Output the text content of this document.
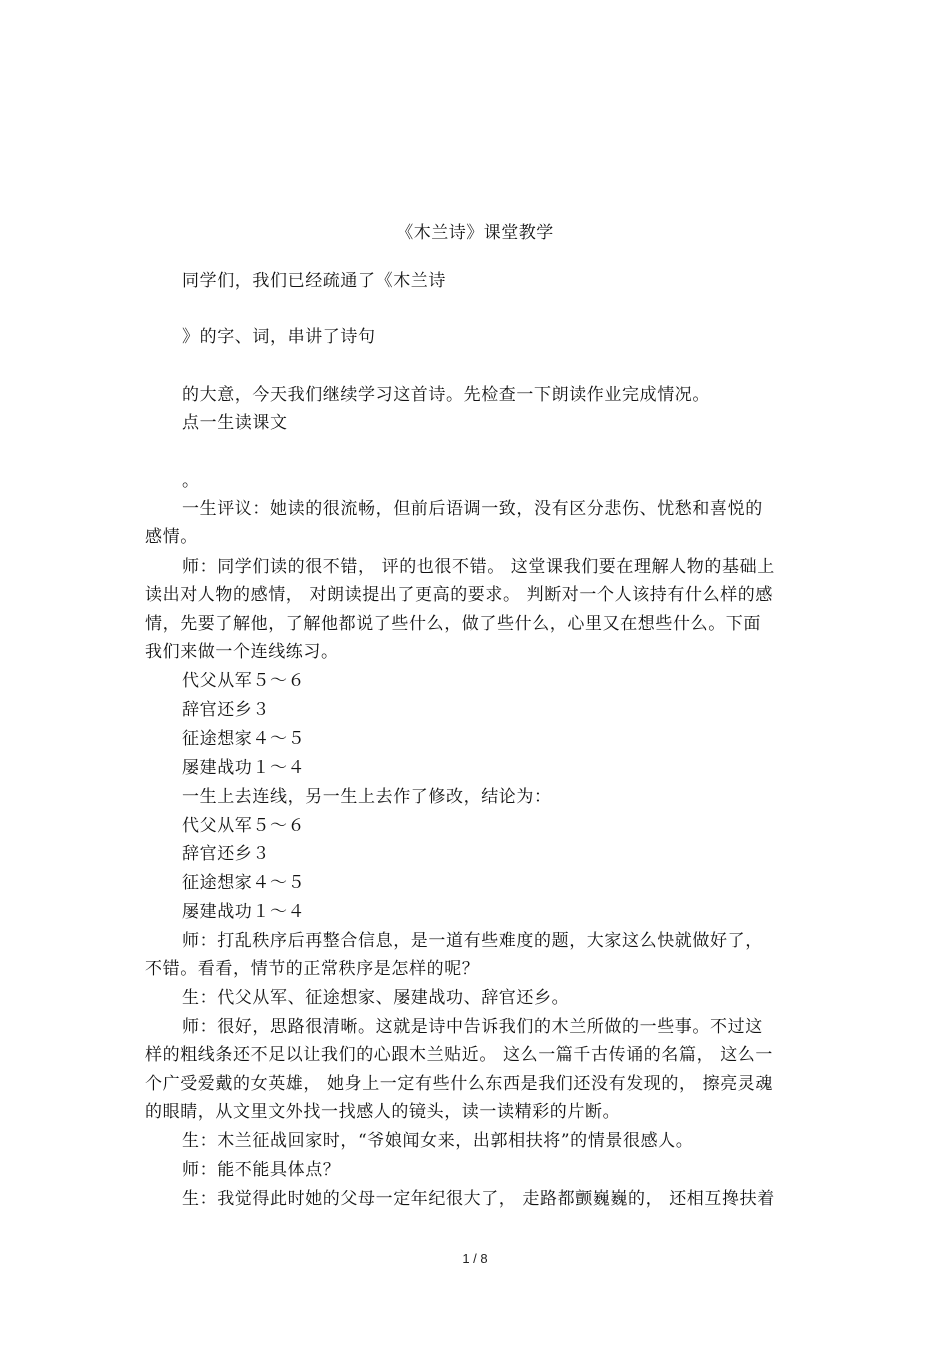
《木兰诗》课堂教学
同学们，我们已经疏通了《木兰诗
》的字、词，串讲了诗句
的大意，今天我们继续学习这首诗。先检查一下朗读作业完成情况。
点一生读课文
。
一生评议：她读的很流畅，但前后语调一致，没有区分悲伤、忧愁和喜悦的
感情。
师：同学们读的很不错， 评的也很不错。 这堂课我们要在理解人物的基础上
读出对人物的感情， 对朗读提出了更高的要求。 判断对一个人该持有什么样的感
情，先要了解他，了解他都说了些什么，做了些什么，心里又在想些什么。下面
我们来做一个连线练习。
代父从军５～６
辞官还乡３
征途想家４～５
屡建战功１～４
一生上去连线，另一生上去作了修改，结论为：
代父从军５～６
辞官还乡３
征途想家４～５
屡建战功１～４
师：打乱秩序后再整合信息，是一道有些难度的题，大家这么快就做好了，
不错。看看，情节的正常秩序是怎样的呢？
生：代父从军、征途想家、屡建战功、辞官还乡。
师：很好，思路很清晰。这就是诗中告诉我们的木兰所做的一些事。不过这
样的粗线条还不足以让我们的心跟木兰贴近。 这么一篇千古传诵的名篇， 这么一
个广受爱戴的女英雄， 她身上一定有些什么东西是我们还没有发现的， 擦亮灵魂
的眼睛，从文里文外找一找感人的镜头，读一读精彩的片断。
生：木兰征战回家时，“爷娘闻女来，出郭相扶将”的情景很感人。
师：能不能具体点？
生：我觉得此时她的父母一定年纪很大了， 走路都颤巍巍的， 还相互搀扶着
1 / 8
